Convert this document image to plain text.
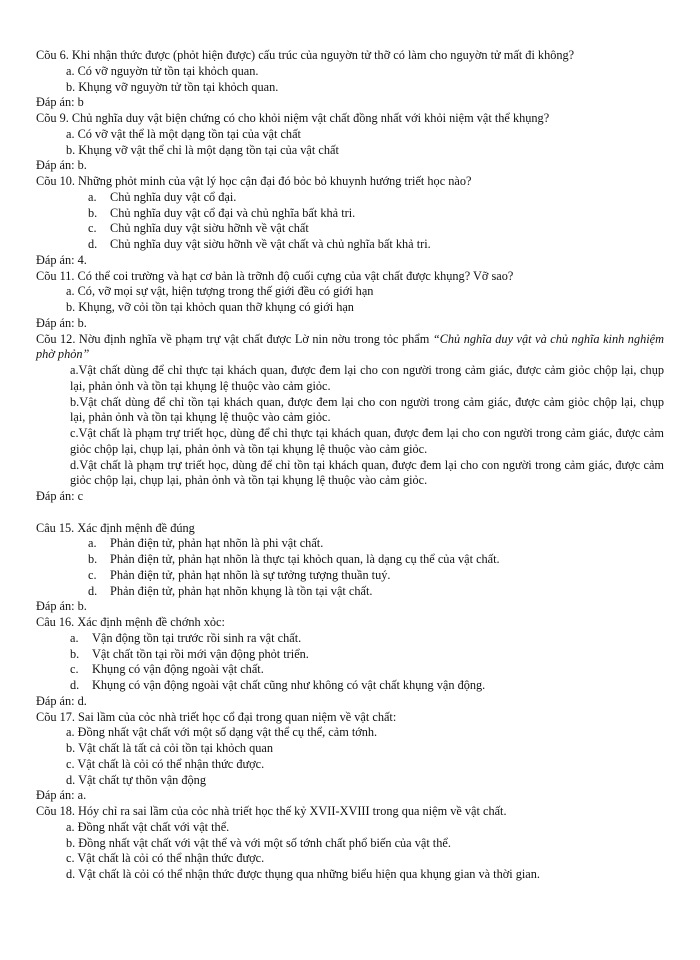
Cõu 6. Khi nhận thức được (phỏt hiện được) cấu trúc của nguyờn tử thỡ có làm cho nguyờn tử mất đi không?
a. Có vỡ nguyờn tử tồn tại khỏch quan.
b. Khụng vỡ nguyờn tử tồn tại khỏch quan.
Đáp án: b
Cõu 9. Chủ nghĩa duy vật biện chứng có cho khỏi niệm vật chất đồng nhất với khỏi niệm vật thể khụng?
a. Có vỡ vật thể là một dạng tồn tại của vật chất
b. Khụng vỡ vật thể chỉ là một dạng tồn tại của vật chất
Đáp án: b.
Cõu 10. Những phỏt minh của vật lý học cận đại đó bỏc bỏ khuynh hướng triết học nào?
a. Chủ nghĩa duy vật cổ đại.
b. Chủ nghĩa duy vật cổ đại và chủ nghĩa bất khả tri.
c. Chủ nghĩa duy vật siờu hỡnh về vật chất
d. Chủ nghĩa duy vật siờu hỡnh về vật chất và chủ nghĩa bất khả tri.
Đáp án: 4.
Cõu 11. Có thể coi trường và hạt cơ bản là trỡnh độ cuối cựng của vật chất được khụng? Vỡ sao?
a. Có, vỡ mọi sự vật, hiện tượng trong thế giới đều có giới hạn
b. Khụng, vỡ cỏi tồn tại khỏch quan thỡ khụng có giới hạn
Đáp án: b.
Cõu 12. Nờu định nghĩa về phạm trự vật chất được Lờ nin nờu trong tỏc phẩm “Chủ nghĩa duy vật và chủ nghĩa kinh nghiệm phờ phỏn”
a.Vật chất dùng để chỉ thực tại khách quan, được đem lại cho con người trong cảm giác, được cảm giỏc chộp lại, chụp lại, phản ỏnh và tồn tại khụng lệ thuộc vào cảm giỏc.
b.Vật chất dùng để chỉ tồn tại khách quan, được đem lại cho con người trong cảm giác, được cảm giỏc chộp lại, chụp lại, phản ỏnh và tồn tại khụng lệ thuộc vào cảm giỏc.
c.Vật chất là phạm trự triết học, dùng để chỉ thực tại khách quan, được đem lại cho con người trong cảm giác, được cảm giỏc chộp lại, chụp lại, phản ỏnh và tồn tại khụng lệ thuộc vào cảm giỏc.
d.Vật chất là phạm trự triết học, dùng để chỉ tồn tại khách quan, được đem lại cho con người trong cảm giác, được cảm giỏc chộp lại, chụp lại, phản ỏnh và tồn tại khụng lệ thuộc vào cảm giỏc.
Đáp án: c
Câu 15. Xác định mệnh đề đúng
a. Phản điện tử, phản hạt nhõn là phi vật chất.
b. Phản điện tử, phản hạt nhõn là thực tại khỏch quan, là dạng cụ thể của vật chất.
c. Phản điện tử, phản hạt nhõn là sự tưởng tượng thuần tuý.
d. Phản điện tử, phản hạt nhõn khụng là tồn tại vật chất.
Đáp án: b.
Câu 16. Xác định mệnh đề chớnh xỏc:
a. Vận động tồn tại trước rồi sinh ra vật chất.
b. Vật chất tồn tại rồi mới vận động phỏt triển.
c. Khụng có vận động ngoài vật chất.
d. Khụng có vận động ngoài vật chất cũng như không có vật chất khụng vận động.
Đáp án: d.
Cõu 17. Sai lầm của cỏc nhà triết học cổ đại trong quan niệm về vật chất:
a. Đồng nhất vật chất với một số dạng vật thể cụ thể, cảm tớnh.
b. Vật chất là tất cả cỏi tồn tại khỏch quan
c. Vật chất là cỏi có thể nhận thức được.
d. Vật chất tự thõn vận động
Đáp án: a.
Cõu 18. Hóy chỉ ra sai lầm của cỏc nhà triết học thế kỷ XVII-XVIII trong qua niệm về vật chất.
a. Đồng nhất vật chất với vật thể.
b. Đồng nhất vật chất với vật thể và với một số tớnh chất phổ biến của vật thể.
c. Vật chất là cỏi có thể nhận thức được.
d. Vật chất là cỏi có thể nhận thức được thụng qua những biểu hiện qua khụng gian và thời gian.
